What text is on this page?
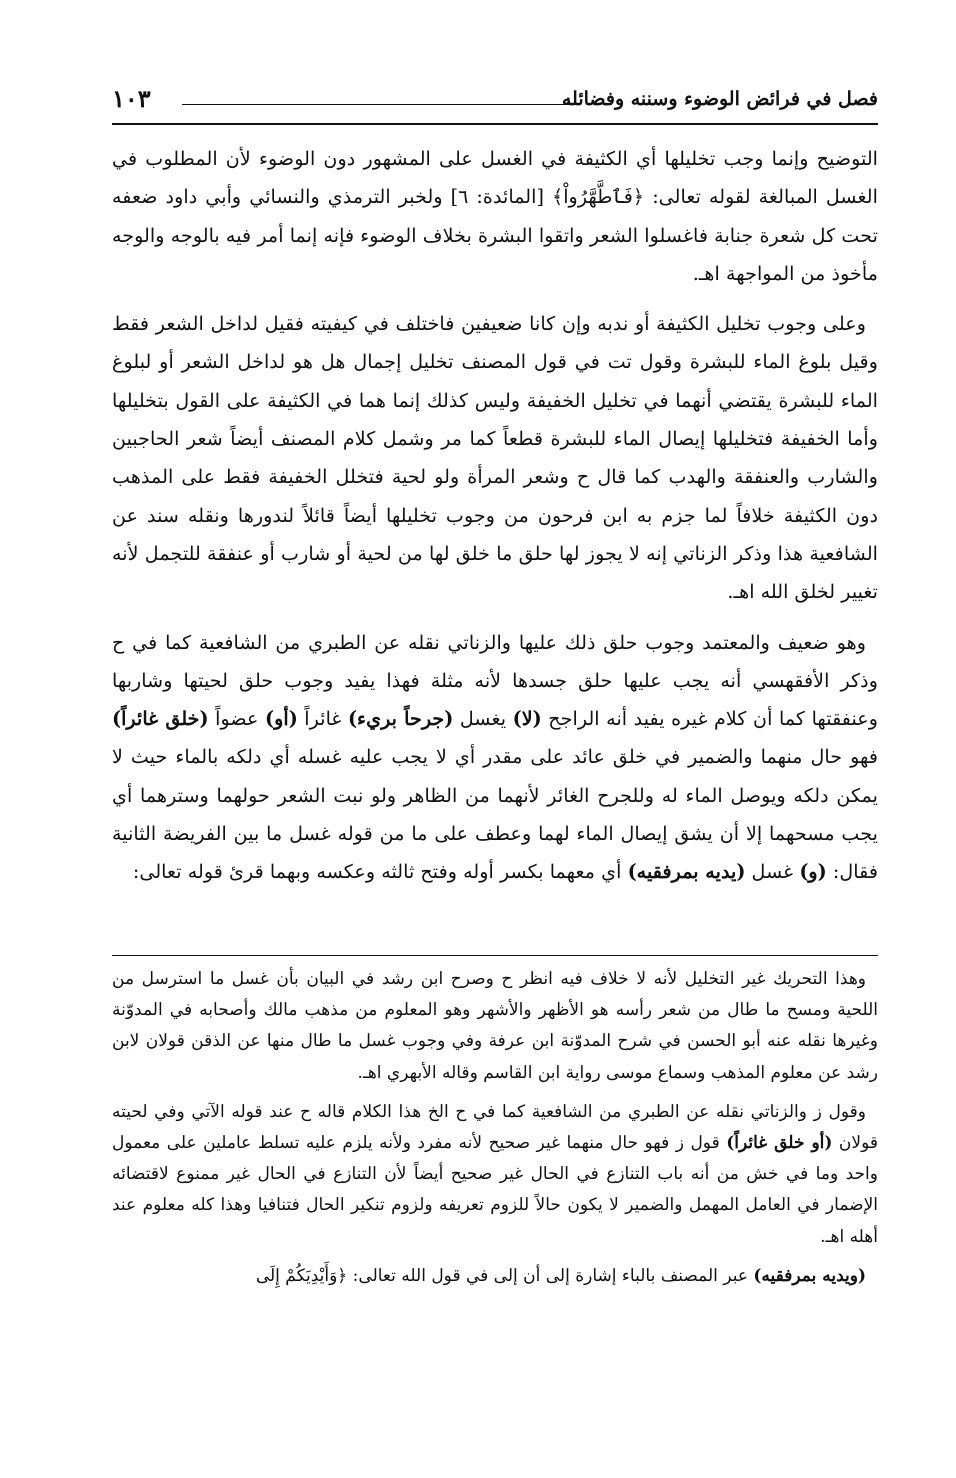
فصل في فرائض الوضوء وسننه وفضائله
١٠٣

التوضيح وإنما وجب تخليلها أي الكثيفة في الغسل على المشهور دون الوضوء لأن المطلوب في الغسل المبالغة لقوله تعالى: ﴿فَٱطَّهَّرُواْ﴾ [المائدة: ٦] ولخبر الترمذي والنسائي وأبي داود ضعفه تحت كل شعرة جنابة فاغسلوا الشعر واتقوا البشرة بخلاف الوضوء فإنه إنما أمر فيه بالوجه والوجه مأخوذ من المواجهة اهـ.

وعلى وجوب تخليل الكثيفة أو ندبه وإن كانا ضعيفين فاختلف في كيفيته فقيل لداخل الشعر فقط وقيل بلوغ الماء للبشرة وقول تت في قول المصنف تخليل إجمال هل هو لداخل الشعر أو لبلوغ الماء للبشرة يقتضي أنهما في تخليل الخفيفة وليس كذلك إنما هما في الكثيفة على القول بتخليلها وأما الخفيفة فتخليلها إيصال الماء للبشرة قطعاً كما مر وشمل كلام المصنف أيضاً شعر الحاجبين والشارب والعنفقة والهدب كما قال ح وشعر المرأة ولو لحية فتخلل الخفيفة فقط على المذهب دون الكثيفة خلافاً لما جزم به ابن فرحون من وجوب تخليلها أيضاً قائلاً لندورها ونقله سند عن الشافعية هذا وذكر الزناتي إنه لا يجوز لها حلق ما خلق لها من لحية أو شارب أو عنفقة للتجمل لأنه تغيير لخلق الله اهـ.

وهو ضعيف والمعتمد وجوب حلق ذلك عليها والزناتي نقله عن الطبري من الشافعية كما في ح وذكر الأفقهسي أنه يجب عليها حلق جسدها لأنه مثلة فهذا يفيد وجوب حلق لحيتها وشاربها وعنفقتها كما أن كلام غيره يفيد أنه الراجح (لا) يغسل (جرحاً بريء) غائراً (أو) عضواً (خلق غائراً) فهو حال منهما والضمير في خلق عائد على مقدر أي لا يجب عليه غسله أي دلكه بالماء حيث لا يمكن دلكه ويوصل الماء له وللجرح الغائر لأنهما من الظاهر ولو نبت الشعر حولهما وسترهما أي يجب مسحهما إلا أن يشق إيصال الماء لهما وعطف على ما من قوله غسل ما بين الفريضة الثانية فقال: (و) غسل (يديه بمرفقيه) أي معهما بكسر أوله وفتح ثالثه وعكسه وبهما قرئ قوله تعالى:

وهذا التحريك غير التخليل لأنه لا خلاف فيه انظر ح وصرح ابن رشد في البيان بأن غسل ما استرسل من اللحية ومسح ما طال من شعر رأسه هو الأظهر والأشهر وهو المعلوم من مذهب مالك وأصحابه في المدوّنة وغيرها نقله عنه أبو الحسن في شرح المدوّنة ابن عرفة وفي وجوب غسل ما طال منها عن الذقن قولان لابن رشد عن معلوم المذهب وسماع موسى رواية ابن القاسم وقاله الأبهري اهـ.

وقول ز والزناتي نقله عن الطبري من الشافعية كما في ح الخ هذا الكلام قاله ح عند قوله الآتي وفي لحيته قولان (أو خلق غائراً) قول ز فهو حال منهما غير صحيح لأنه مفرد ولأنه يلزم عليه تسلط عاملين على معمول واحد وما في خش من أنه باب التنازع في الحال غير صحيح أيضاً لأن التنازع في الحال غير ممنوع لاقتضائه الإضمار في العامل المهمل والضمير لا يكون حالاً للزوم تعريفه ولزوم تنكير الحال فتنافيا وهذا كله معلوم عند أهله اهـ.

(ويديه بمرفقيه) عبر المصنف بالباء إشارة إلى أن إلى في قول الله تعالى: ﴿وَأَيْدِيَكُمْ إِلَى
